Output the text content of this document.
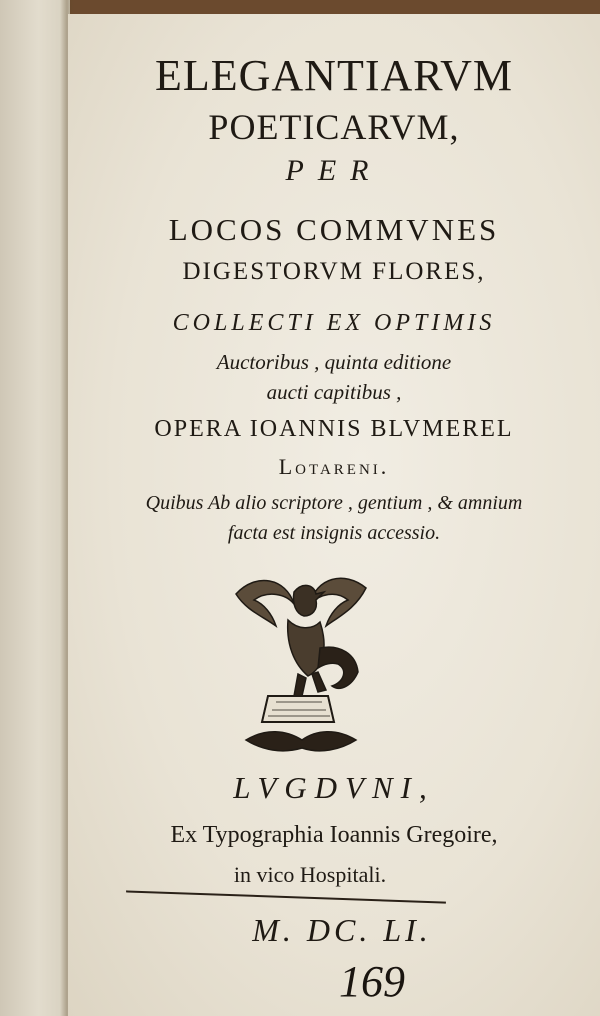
ELEGANTIARVM
POETICARVM,
PER
LOCOS COMMVNES
DIGESTORVM FLORES,
COLLECTI EX OPTIMIS
Auctoribus , quinta editione
aucti capitibus ,
OPERA IOANNIS BLVMEREL
Lotareni.
Quibus Ab alio scriptore , gentium , & amnium
facta est insignis accessio.
LVGDVNI,
Ex Typographia Ioannis Gregoire,
in vico Hospitali.
M. DC. LI.
169
